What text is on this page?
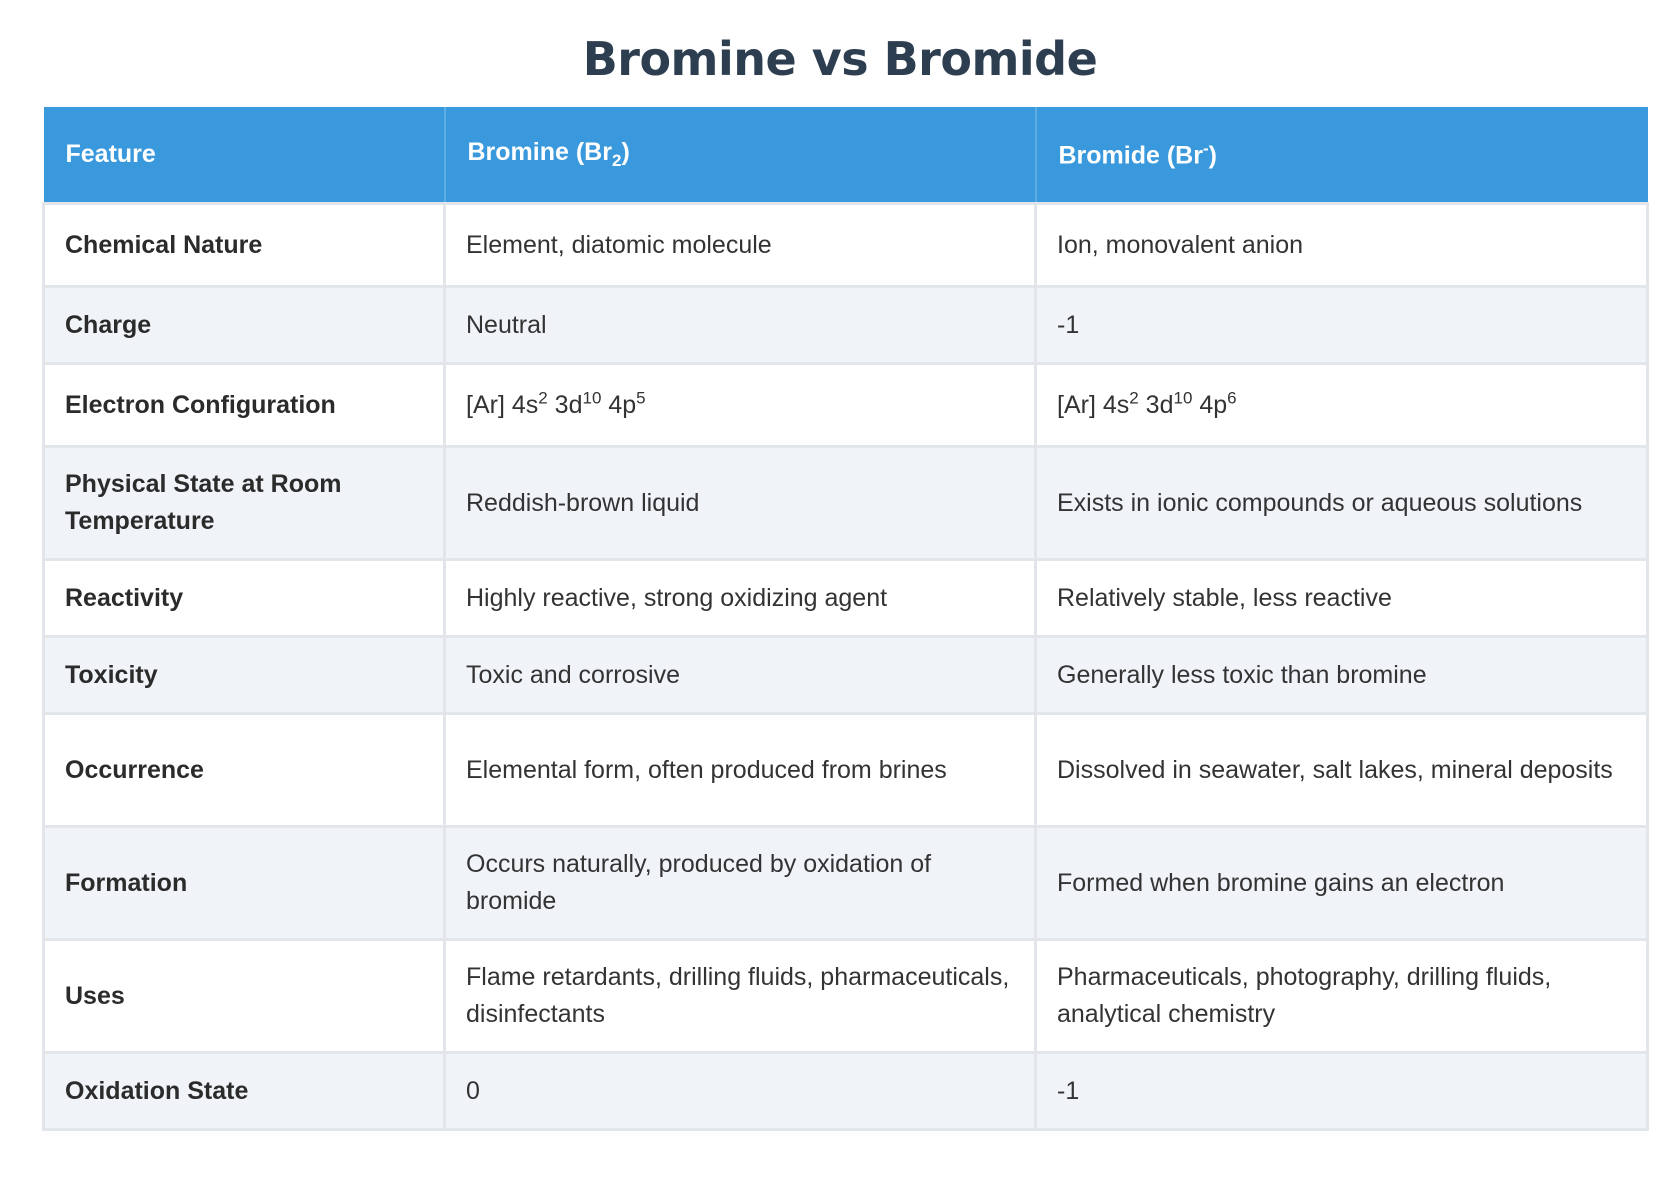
Bromine vs Bromide
Feature	Bromine $(Br_2)$	Bromide (Br-)
Chemical Nature	Element, diatomic molecule	Ion, monovalent anion
Charge	Neutral	-1
Electron Configuration	[Ar] $4s^2$ $3d^{10}$ $4p^5$	[Ar] $4s^2$ $3d^{10}$ $4p^6$
Physical State at Room Temperature	Reddish-brown liquid	Exists in ionic compounds or aqueous solutions
Reactivity	Highly reactive, strong oxidizing agent	Relatively stable, less reactive
Toxicity	Toxic and corrosive	Generally less toxic than bromine
Occurrence	Elemental form, often produced from brines	Dissolved in seawater, salt lakes, mineral deposits
Formation	Occurs naturally, produced by oxidation of bromide	Formed when bromine gains an electron
Uses	Flame retardants, drilling fluids, pharmaceuticals, disinfectants	Pharmaceuticals, photography, drilling fluids, analytical chemistry
Oxidation State	0	-1
